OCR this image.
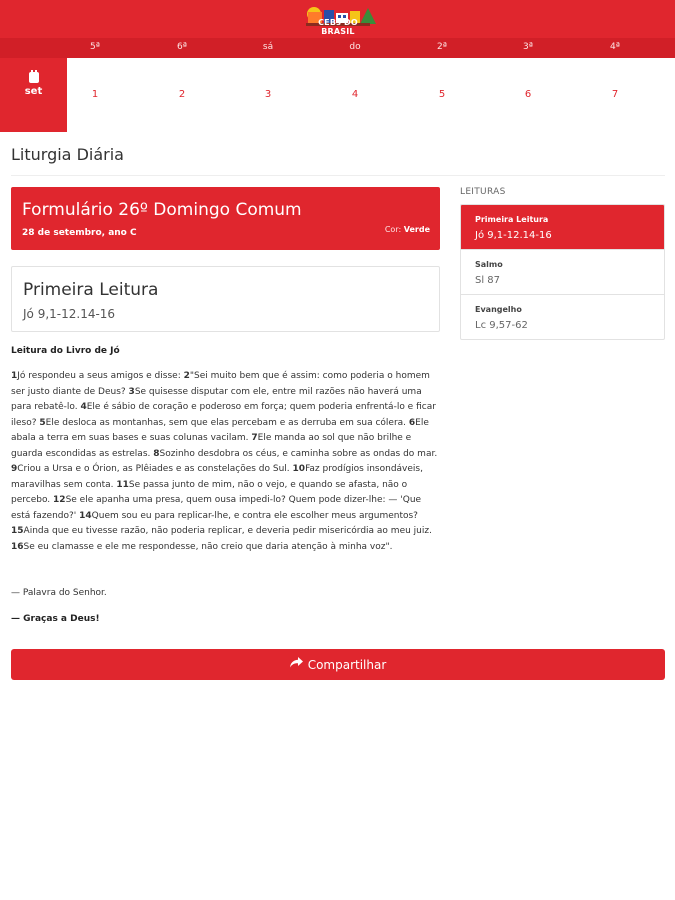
CEBs DO BRASIL
5ª	6ª	sá	do	2ª	3ª	4ª
set	1	2	3	4	5	6	7
Liturgia Diária
Formulário 26º Domingo Comum
28 de setembro, ano C	Cor: Verde
Primeira Leitura
Jó 9,1-12.14-16
Leitura do Livro de Jó
1Jó respondeu a seus amigos e disse: 2"Sei muito bem que é assim: como poderia o homem ser justo diante de Deus? 3Se quisesse disputar com ele, entre mil razões não haverá uma para rebatê-lo. 4Ele é sábio de coração e poderoso em força; quem poderia enfrentá-lo e ficar ileso? 5Ele desloca as montanhas, sem que elas percebam e as derruba em sua cólera. 6Ele abala a terra em suas bases e suas colunas vacilam. 7Ele manda ao sol que não brilhe e guarda escondidas as estrelas. 8Sozinho desdobra os céus, e caminha sobre as ondas do mar. 9Criou a Ursa e o Órion, as Plêiades e as constelações do Sul. 10Faz prodígios insondáveis, maravilhas sem conta. 11Se passa junto de mim, não o vejo, e quando se afasta, não o percebo. 12Se ele apanha uma presa, quem ousa impedi-lo? Quem pode dizer-lhe: — 'Que está fazendo?' 14Quem sou eu para replicar-lhe, e contra ele escolher meus argumentos? 15Ainda que eu tivesse razão, não poderia replicar, e deveria pedir misericórdia ao meu juiz. 16Se eu clamasse e ele me respondesse, não creio que daria atenção à minha voz".
— Palavra do Senhor.
— Graças a Deus!
Compartilhar
LEITURAS
Primeira Leitura
Jó 9,1-12.14-16
Salmo
Sl 87
Evangelho
Lc 9,57-62
